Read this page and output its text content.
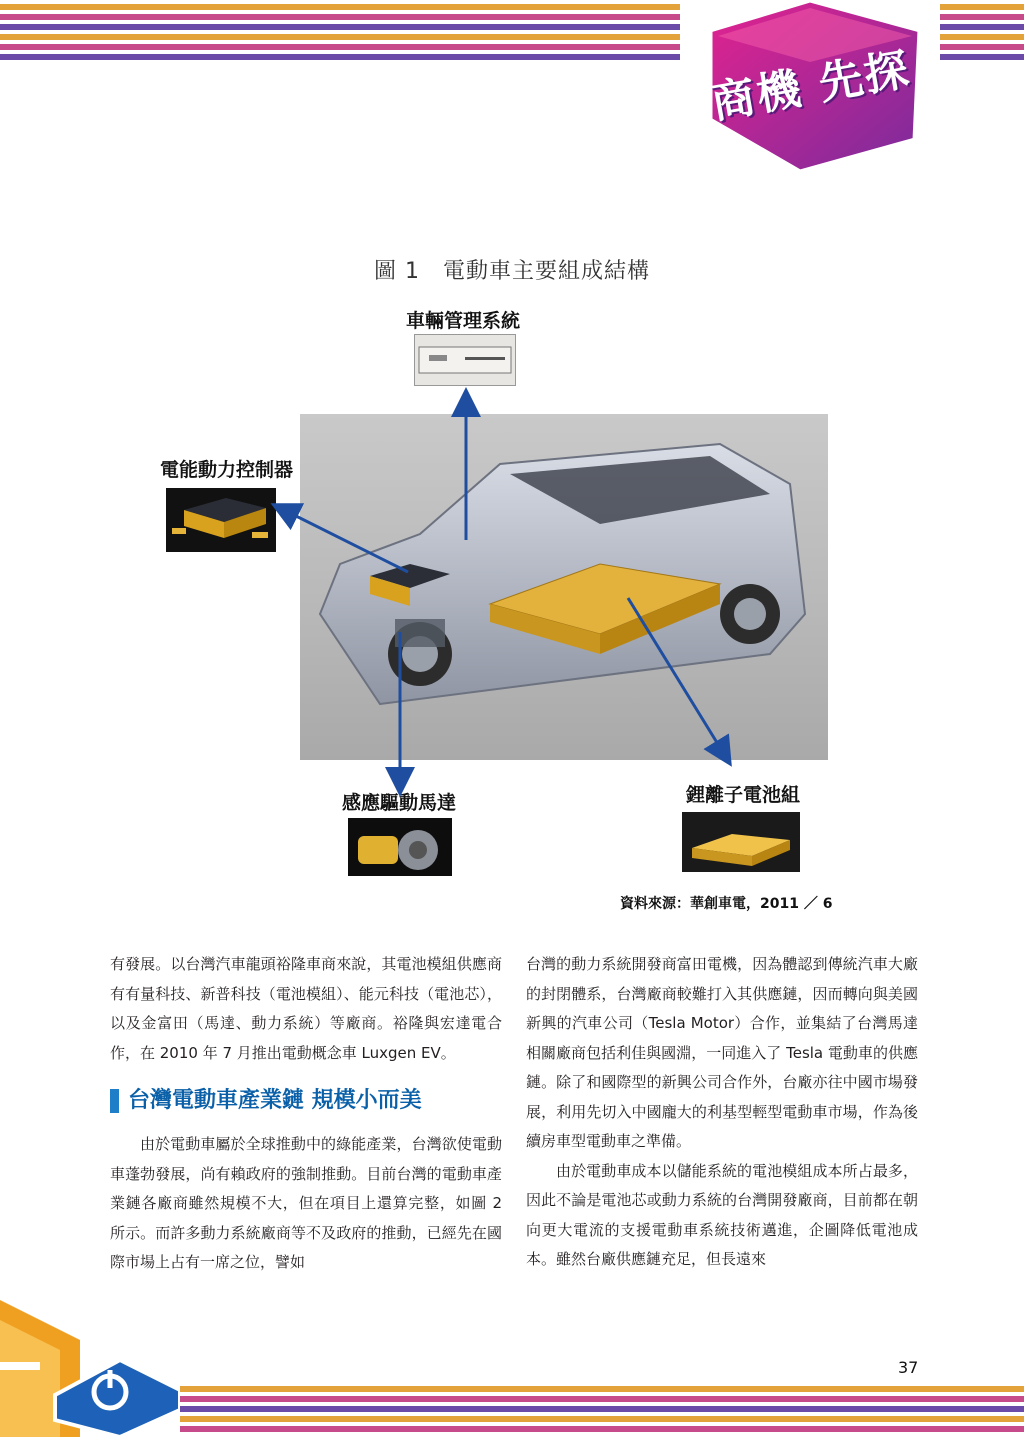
商機 先探
圖 1　電動車主要組成結構
車輛管理系統
電能動力控制器
感應驅動馬達	鋰離子電池組
資料來源：華創車電，2011 ／ 6

有發展。以台灣汽車龍頭裕隆車商來說，其電池模組供應商有有量科技、新普科技（電池模組）、能元科技（電池芯），以及金富田（馬達、動力系統）等廠商。裕隆與宏達電合作，在 2010 年 7 月推出電動概念車 Luxgen EV。

台灣電動車產業鏈 規模小而美

由於電動車屬於全球推動中的綠能產業，台灣欲使電動車蓬勃發展，尚有賴政府的強制推動。目前台灣的電動車產業鏈各廠商雖然規模不大，但在項目上還算完整，如圖 2 所示。而許多動力系統廠商等不及政府的推動，已經先在國際市場上占有一席之位，譬如

台灣的動力系統開發商富田電機，因為體認到傳統汽車大廠的封閉體系，台灣廠商較難打入其供應鏈，因而轉向與美國新興的汽車公司（Tesla Motor）合作，並集結了台灣馬達相關廠商包括利佳與國淵，一同進入了 Tesla 電動車的供應鏈。除了和國際型的新興公司合作外，台廠亦往中國市場發展，利用先切入中國龐大的利基型輕型電動車市場，作為後續房車型電動車之準備。

由於電動車成本以儲能系統的電池模組成本所占最多，因此不論是電池芯或動力系統的台灣開發廠商，目前都在朝向更大電流的支援電動車系統技術邁進，企圖降低電池成本。雖然台廠供應鏈充足，但長遠來

37
